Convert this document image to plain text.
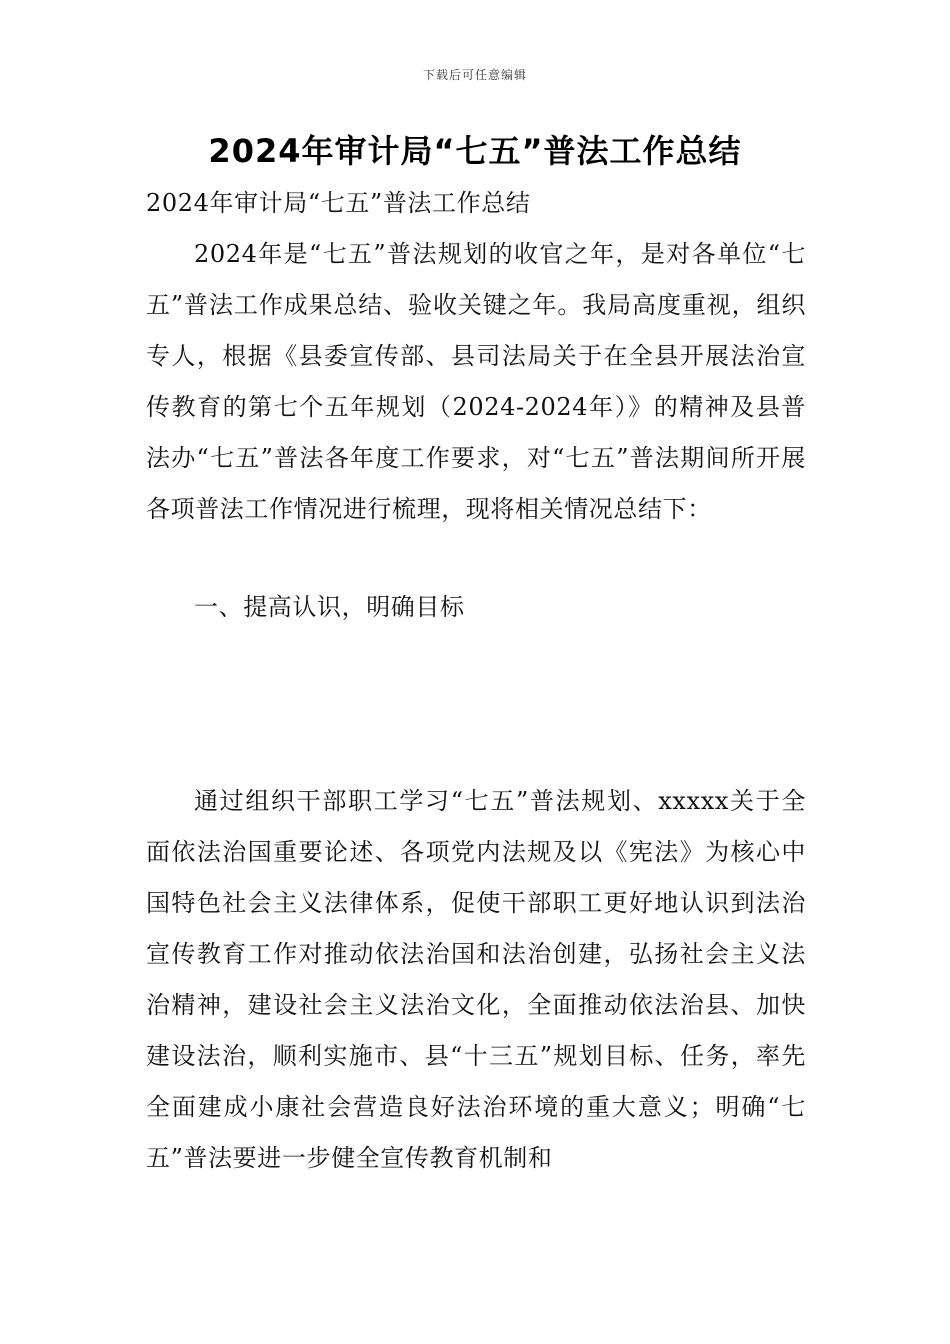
下载后可任意编辑
2024年审计局“七五”普法工作总结

2024年审计局“七五”普法工作总结

2024年是“七五”普法规划的收官之年，是对各单位“七五”普法工作成果总结、验收关键之年。我局高度重视，组织专人，根据《县委宣传部、县司法局关于在全县开展法治宣传教育的第七个五年规划（2024-2024年）》的精神及县普法办“七五”普法各年度工作要求，对“七五”普法期间所开展各项普法工作情况进行梳理，现将相关情况总结下：

一、提高认识，明确目标

通过组织干部职工学习“七五”普法规划、xxxxx关于全面依法治国重要论述、各项党内法规及以《宪法》为核心中国特色社会主义法律体系，促使干部职工更好地认识到法治宣传教育工作对推动依法治国和法治创建，弘扬社会主义法治精神，建设社会主义法治文化，全面推动依法治县、加快建设法治，顺利实施市、县“十三五”规划目标、任务，率先全面建成小康社会营造良好法治环境的重大意义；明确“七五”普法要进一步健全宣传教育机制和
